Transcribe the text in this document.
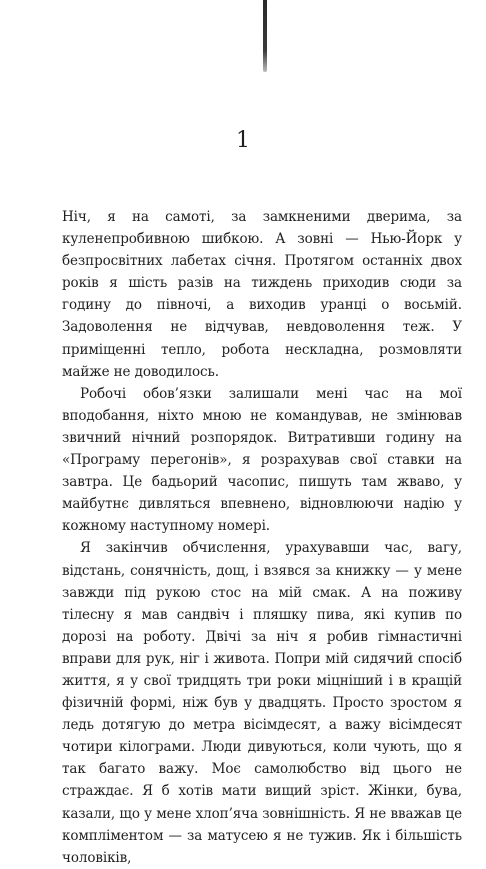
1

Ніч, я на самоті, за замкненими дверима, за куленепробивною шибкою. А зовні — Нью-Йорк у безпросвітних лабетах січня. Протягом останніх двох років я шість разів на тиждень приходив сюди за годину до півночі, а виходив уранці о восьмій. Задоволення не відчував, невдоволення теж. У приміщенні тепло, робота нескладна, розмовляти майже не доводилось.

Робочі обов’язки залишали мені час на мої вподобання, ніхто мною не командував, не змінював звичний нічний розпорядок. Витративши годину на «Програму перегонів», я розрахував свої ставки на завтра. Це бадьорий часопис, пишуть там жваво, у майбутнє дивляться впевнено, відновлюючи надію у кожному наступному номері.

Я закінчив обчислення, урахувавши час, вагу, відстань, сонячність, дощ, і взявся за книжку — у мене завжди під рукою стос на мій смак. А на поживу тілесну я мав сандвіч і пляшку пива, які купив по дорозі на роботу. Двічі за ніч я робив гімнастичні вправи для рук, ніг і живота. Попри мій сидячий спосіб життя, я у свої тридцять три роки міцніший і в кращій фізичній формі, ніж був у двадцять. Просто зростом я ледь дотягую до метра вісімдесят, а важу вісімдесят чотири кілограми. Люди дивуються, коли чують, що я так багато важу. Моє самолюбство від цього не страждає. Я б хотів мати вищий зріст. Жінки, бува, казали, що у мене хлоп’яча зовнішність. Я не вважав це компліментом — за матусею я не тужив. Як і більшість чоловіків,
